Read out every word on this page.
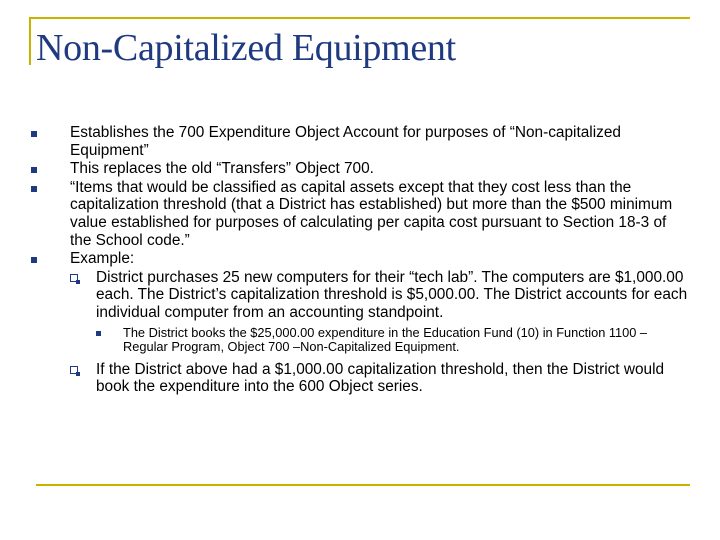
Non-Capitalized Equipment
Establishes the 700 Expenditure Object Account for purposes of “Non-capitalized Equipment”
This replaces the old “Transfers” Object 700.
“Items that would be classified as capital assets except that they cost less than the capitalization threshold (that a District has established) but more than the $500 minimum value established for purposes of calculating per capita cost pursuant to Section 18-3 of the School code.”
Example:
District purchases 25 new computers for their “tech lab”. The computers are $1,000.00 each. The District’s capitalization threshold is $5,000.00. The District accounts for each individual computer from an accounting standpoint.
The District books the $25,000.00 expenditure in the Education Fund (10) in Function 1100 – Regular Program, Object 700 –Non-Capitalized Equipment.
If the District above had a $1,000.00 capitalization threshold, then the District would book the expenditure into the 600 Object series.
